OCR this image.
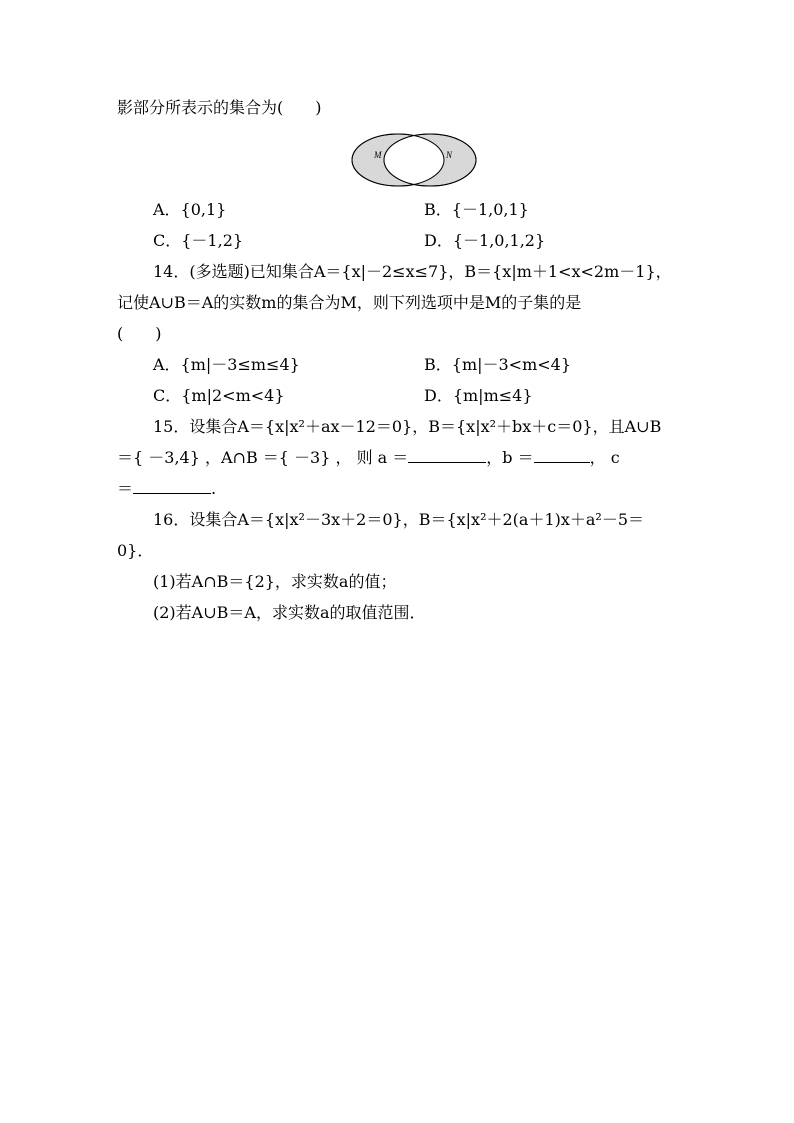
影部分所表示的集合为(　　)
M	N
A．{0,1}	B．{－1,0,1}
C．{－1,2}	D．{－1,0,1,2}
14．(多选题)已知集合A＝{x|－2≤x≤7}，B＝{x|m＋1<x<2m－1}，
记使A∪B＝A的实数m的集合为M，则下列选项中是M的子集的是
(　　)
A．{m|－3≤m≤4}	B．{m|－3<m<4}
C．{m|2<m<4}	D．{m|m≤4}
15．设集合A＝{x|x²＋ax－12＝0}，B＝{x|x²＋bx＋c＝0}，且A∪B
＝{ －3,4} ，A∩B ＝{ －3} ， 则 a ＝	，b ＝	， c
＝	.
16．设集合A＝{x|x²－3x＋2＝0}，B＝{x|x²＋2(a＋1)x＋a²－5＝
0}．
(1)若A∩B＝{2}，求实数a的值；
(2)若A∪B＝A，求实数a的取值范围．
